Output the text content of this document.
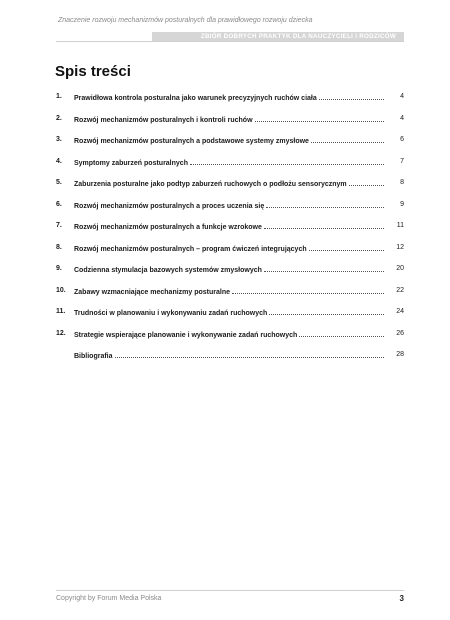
Znaczenie rozwoju mechanizmów posturalnych dla prawidłowego rozwoju dziecka
ZBIÓR DOBRYCH PRAKTYK DLA NAUCZYCIELI I RODZICÓW
Spis treści
1.	Prawidłowa kontrola posturalna jako warunek precyzyjnych ruchów ciała	4
2.	Rozwój mechanizmów posturalnych i kontroli ruchów	4
3.	Rozwój mechanizmów posturalnych a podstawowe systemy zmysłowe	6
4.	Symptomy zaburzeń posturalnych	7
5.	Zaburzenia posturalne jako podtyp zaburzeń ruchowych o podłożu sensorycznym	8
6.	Rozwój mechanizmów posturalnych a proces uczenia się	9
7.	Rozwój mechanizmów posturalnych a funkcje wzrokowe	11
8.	Rozwój mechanizmów posturalnych – program ćwiczeń integrujących	12
9.	Codzienna stymulacja bazowych systemów zmysłowych	20
10.	Zabawy wzmacniające mechanizmy posturalne	22
11.	Trudności w planowaniu i wykonywaniu zadań ruchowych	24
12.	Strategie wspierające planowanie i wykonywanie zadań ruchowych	26
Bibliografia	28
Copyright by Forum Media Polska	3
